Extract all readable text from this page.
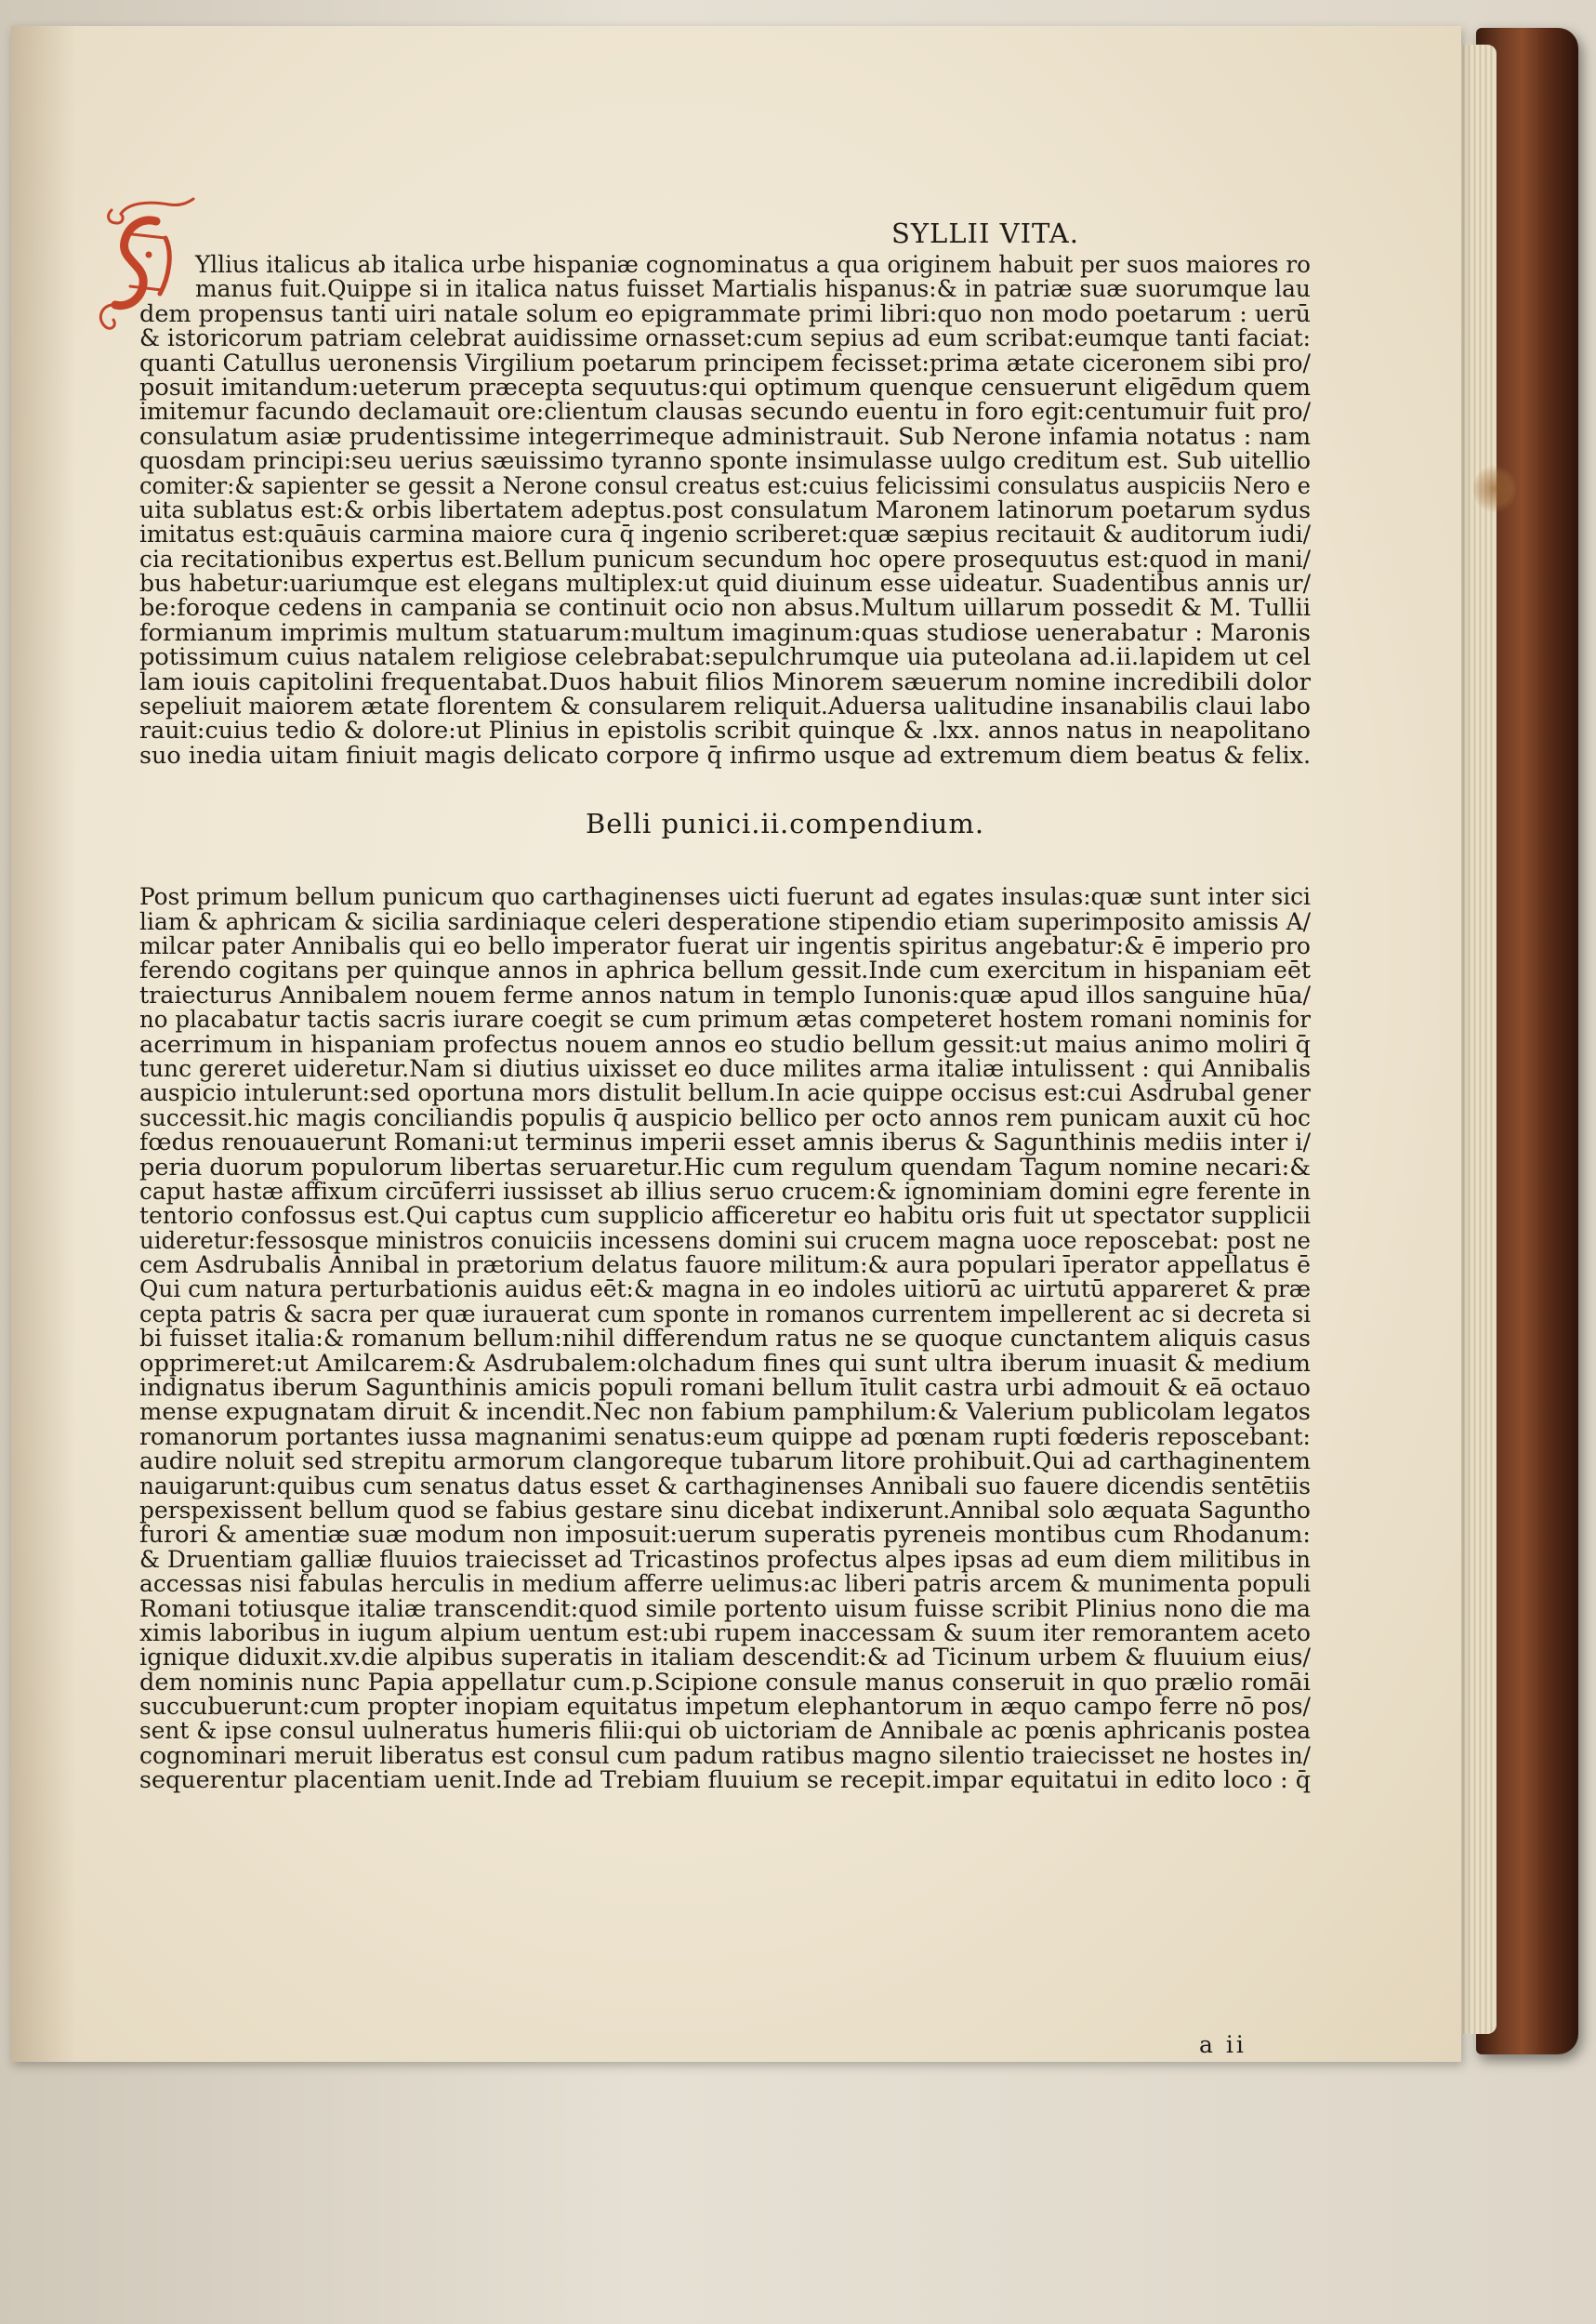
SYLLII VITA.
Yllius italicus ab italica urbe hispaniæ cognominatus a qua originem habuit per suos maiores ro
manus fuit.Quippe si in italica natus fuisset Martialis hispanus:& in patriæ suæ suorumque lau
dem propensus tanti uiri natale solum eo epigrammate primi libri:quo non modo poetarum : uerū
& istoricorum patriam celebrat auidissime ornasset:cum sepius ad eum scribat:eumque tanti faciat:
quanti Catullus ueronensis Virgilium poetarum principem fecisset:prima ætate ciceronem sibi pro/
posuit imitandum:ueterum præcepta sequutus:qui optimum quenque censuerunt eligēdum quem
imitemur facundo declamauit ore:clientum clausas secundo euentu in foro egit:centumuir fuit pro/
consulatum asiæ prudentissime integerrimeque administrauit. Sub Nerone infamia notatus : nam
quosdam principi:seu uerius sæuissimo tyranno sponte insimulasse uulgo creditum est. Sub uitellio
comiter:& sapienter se gessit a Nerone consul creatus est:cuius felicissimi consulatus auspiciis Nero e
uita sublatus est:& orbis libertatem adeptus.post consulatum Maronem latinorum poetarum sydus
imitatus est:quāuis carmina maiore cura q̄ ingenio scriberet:quæ sæpius recitauit & auditorum iudi/
cia recitationibus expertus est.Bellum punicum secundum hoc opere prosequutus est:quod in mani/
bus habetur:uariumque est elegans multiplex:ut quid diuinum esse uideatur. Suadentibus annis ur/
be:foroque cedens in campania se continuit ocio non absus.Multum uillarum possedit & M. Tullii
formianum imprimis multum statuarum:multum imaginum:quas studiose uenerabatur : Maronis
potissimum cuius natalem religiose celebrabat:sepulchrumque uia puteolana ad.ii.lapidem ut cel
lam iouis capitolini frequentabat.Duos habuit filios Minorem sæuerum nomine incredibili dolor
sepeliuit maiorem ætate florentem & consularem reliquit.Aduersa ualitudine insanabilis claui labo
rauit:cuius tedio & dolore:ut Plinius in epistolis scribit quinque & .lxx. annos natus in neapolitano
suo inedia uitam finiuit magis delicato corpore q̄ infirmo usque ad extremum diem beatus & felix.
Belli punici.ii.compendium.
Post primum bellum punicum quo carthaginenses uicti fuerunt ad egates insulas:quæ sunt inter sici
liam & aphricam & sicilia sardiniaque celeri desperatione stipendio etiam superimposito amissis A/
milcar pater Annibalis qui eo bello imperator fuerat uir ingentis spiritus angebatur:& ē imperio pro
ferendo cogitans per quinque annos in aphrica bellum gessit.Inde cum exercitum in hispaniam eēt
traiecturus Annibalem nouem ferme annos natum in templo Iunonis:quæ apud illos sanguine hūa/
no placabatur tactis sacris iurare coegit se cum primum ætas competeret hostem romani nominis for
acerrimum in hispaniam profectus nouem annos eo studio bellum gessit:ut maius animo moliri q̄
tunc gereret uideretur.Nam si diutius uixisset eo duce milites arma italiæ intulissent : qui Annibalis
auspicio intulerunt:sed oportuna mors distulit bellum.In acie quippe occisus est:cui Asdrubal gener
successit.hic magis conciliandis populis q̄ auspicio bellico per octo annos rem punicam auxit cū hoc
fœdus renouauerunt Romani:ut terminus imperii esset amnis iberus & Sagunthinis mediis inter i/
peria duorum populorum libertas seruaretur.Hic cum regulum quendam Tagum nomine necari:&
caput hastæ affixum circūferri iussisset ab illius seruo crucem:& ignominiam domini egre ferente in
tentorio confossus est.Qui captus cum supplicio afficeretur eo habitu oris fuit ut spectator supplicii
uideretur:fessosque ministros conuiciis incessens domini sui crucem magna uoce reposcebat: post ne
cem Asdrubalis Annibal in prætorium delatus fauore militum:& aura populari īperator appellatus ē
Qui cum natura perturbationis auidus eēt:& magna in eo indoles uitiorū ac uirtutū appareret & præ
cepta patris & sacra per quæ iurauerat cum sponte in romanos currentem impellerent ac si decreta si
bi fuisset italia:& romanum bellum:nihil differendum ratus ne se quoque cunctantem aliquis casus
opprimeret:ut Amilcarem:& Asdrubalem:olchadum fines qui sunt ultra iberum inuasit & medium
indignatus iberum Sagunthinis amicis populi romani bellum ītulit castra urbi admouit & eā octauo
mense expugnatam diruit & incendit.Nec non fabium pamphilum:& Valerium publicolam legatos
romanorum portantes iussa magnanimi senatus:eum quippe ad pœnam rupti fœderis reposcebant:
audire noluit sed strepitu armorum clangoreque tubarum litore prohibuit.Qui ad carthaginentem
nauigarunt:quibus cum senatus datus esset & carthaginenses Annibali suo fauere dicendis sentētiis
perspexissent bellum quod se fabius gestare sinu dicebat indixerunt.Annibal solo æquata Sagunthο
furori & amentiæ suæ modum non imposuit:uerum superatis pyreneis montibus cum Rhodanum:
& Druentiam galliæ fluuios traiecisset ad Tricastinos profectus alpes ipsas ad eum diem militibus in
accessas nisi fabulas herculis in medium afferre uelimus:ac liberi patris arcem & munimenta populi
Romani totiusque italiæ transcendit:quod simile portento uisum fuisse scribit Plinius nono die ma
ximis laboribus in iugum alpium uentum est:ubi rupem inaccessam & suum iter remorantem aceto
ignique diduxit.xv.die alpibus superatis in italiam descendit:& ad Ticinum urbem & fluuium eius/
dem nominis nunc Papia appellatur cum.p.Scipione consule manus conseruit in quo prælio romāi
succubuerunt:cum propter inopiam equitatus impetum elephantorum in æquo campo ferre nō pos/
sent & ipse consul uulneratus humeris filii:qui ob uictoriam de Annibale ac pœnis aphricanis postea
cognominari meruit liberatus est consul cum padum ratibus magno silentio traiecisset ne hostes in/
sequerentur placentiam uenit.Inde ad Trebiam fluuium se recepit.impar equitatui in edito loco : q̄
a ii
